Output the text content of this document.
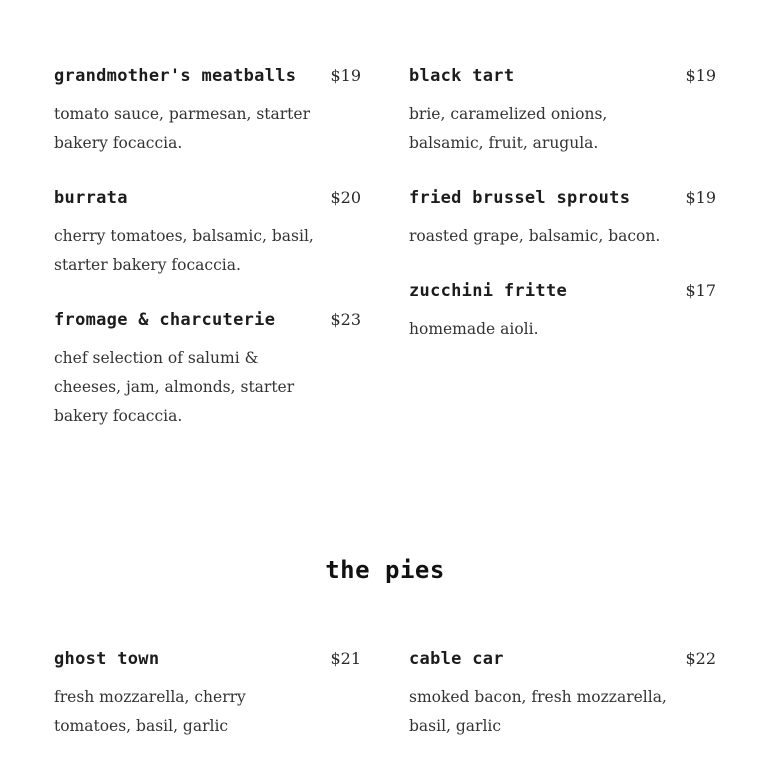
grandmother's meatballs $19
tomato sauce, parmesan, starter bakery focaccia.
burrata	$20
cherry tomatoes, balsamic, basil, starter bakery focaccia.
fromage & charcuterie	$23
chef selection of salumi & cheeses, jam, almonds, starter bakery focaccia.
black tart	$19
brie, caramelized onions, balsamic, fruit, arugula.
fried brussel sprouts	$19
roasted grape, balsamic, bacon.
zucchini fritte	$17
homemade aioli.
the pies
ghost town	$21
fresh mozzarella, cherry tomatoes, basil, garlic
cable car	$22
smoked bacon, fresh mozzarella, basil, garlic
